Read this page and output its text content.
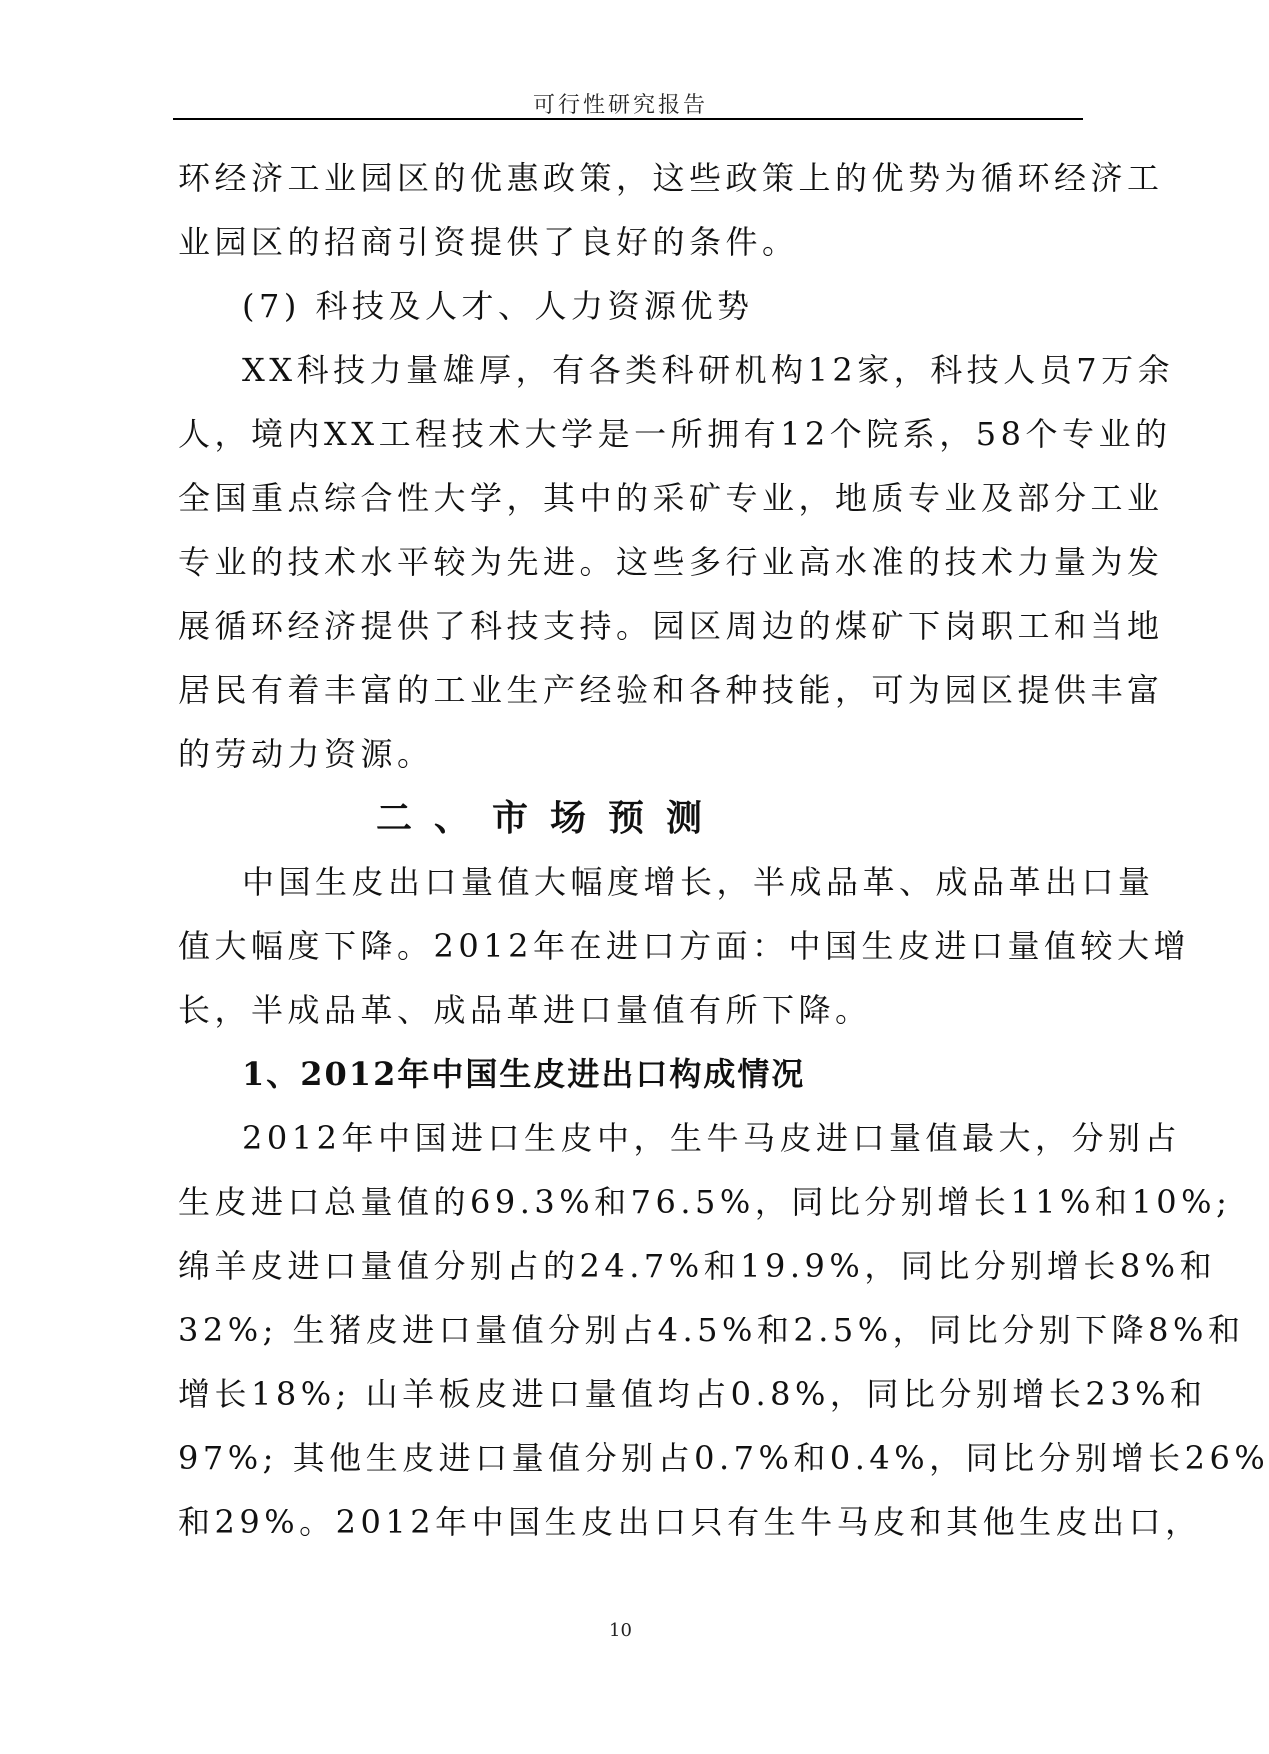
可行性研究报告
环经济工业园区的优惠政策，这些政策上的优势为循环经济工
业园区的招商引资提供了良好的条件。
(7) 科技及人才、人力资源优势
XX科技力量雄厚，有各类科研机构12家，科技人员7万余
人，境内XX工程技术大学是一所拥有12个院系，58个专业的
全国重点综合性大学，其中的采矿专业，地质专业及部分工业
专业的技术水平较为先进。这些多行业高水准的技术力量为发
展循环经济提供了科技支持。园区周边的煤矿下岗职工和当地
居民有着丰富的工业生产经验和各种技能，可为园区提供丰富
的劳动力资源。
二、市场预测
中国生皮出口量值大幅度增长，半成品革、成品革出口量
值大幅度下降。2012年在进口方面：中国生皮进口量值较大增
长，半成品革、成品革进口量值有所下降。
1、2012年中国生皮进出口构成情况
2012年中国进口生皮中，生牛马皮进口量值最大，分别占
生皮进口总量值的69.3%和76.5%，同比分别增长11%和10%;
绵羊皮进口量值分别占的24.7%和19.9%，同比分别增长8%和
32%; 生猪皮进口量值分别占4.5%和2.5%，同比分别下降8%和
增长18%; 山羊板皮进口量值均占0.8%，同比分别增长23%和
97%; 其他生皮进口量值分别占0.7%和0.4%，同比分别增长26%
和29%。2012年中国生皮出口只有生牛马皮和其他生皮出口，
10
